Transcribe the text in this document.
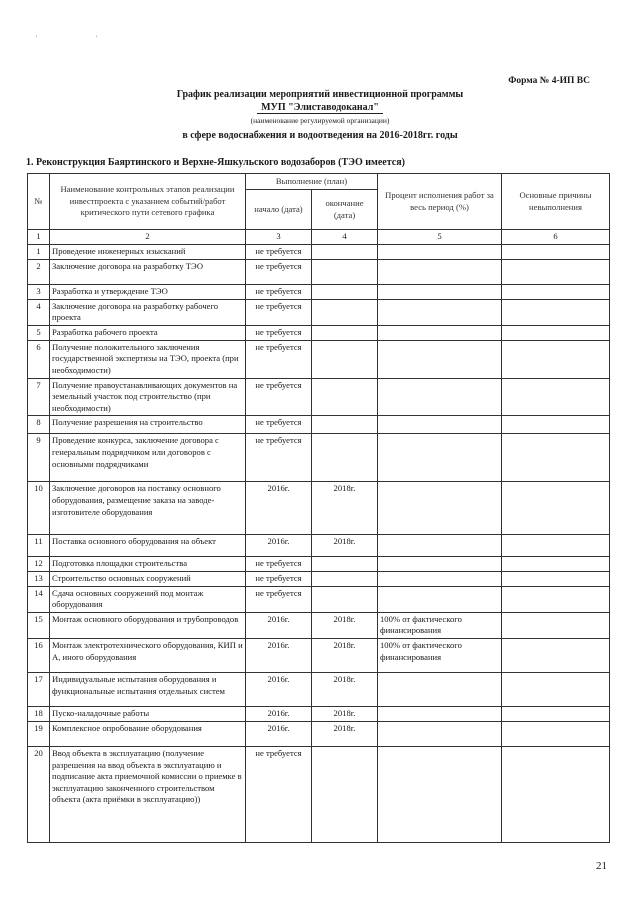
' '
Форма № 4-ИП ВС
График реализации мероприятий инвестиционной программы
МУП "Элиставодоканал"
(наименование регулируемой организации)
в сфере водоснабжения и водоотведения на 2016-2018гг. годы
1. Реконструкция Баяртинского и Верхне-Яшкульского водозаборов (ТЭО имеется)
№	Наименование контрольных этапов реализации инвестпроекта с указанием событий/работ критического пути сетевого графика	Выполнение (план)		Процент исполнения работ за весь период (%)	Основные причины невыполнения
		начало (дата)	окончание (дата)		
1	2	3	4	5	6
1	Проведение инженерных изысканий	не требуется			
2	Заключение договора на разработку ТЭО	не требуется			
3	Разработка и утверждение ТЭО	не требуется			
4	Заключение договора на разработку рабочего проекта	не требуется			
5	Разработка рабочего проекта	не требуется			
6	Получение положительного заключения государственной экспертизы на ТЭО, проекта (при необходимости)	не требуется			
7	Получение правоустанавливающих документов на земельный участок под строительство (при необходимости)	не требуется			
8	Получение разрешения на строительство	не требуется			
9	Проведение конкурса, заключение договора с генеральным подрядчиком или договоров с основными подрядчиками	не требуется			
10	Заключение договоров на поставку основного оборудования, размещение заказа на заводе-изготовителе оборудования	2016г.	2018г.		
11	Поставка основного оборудования на объект	2016г.	2018г.		
12	Подготовка площадки строительства	не требуется			
13	Строительство основных сооружений	не требуется			
14	Сдача основных сооружений под монтаж оборудования	не требуется			
15	Монтаж основного оборудования и трубопроводов	2016г.	2018г.	100% от фактического финансирования	
16	Монтаж электротехнического оборудования, КИП и А, иного оборудования	2016г.	2018г.	100% от фактического финансирования	
17	Индивидуальные испытания оборудования и функциональные испытания отдельных систем	2016г.	2018г.		
18	Пуско-наладочные работы	2016г.	2018г.		
19	Комплексное опробование оборудования	2016г.	2018г.		
20	Ввод объекта в эксплуатацию (получение разрешения на ввод объекта в эксплуатацию и подписание акта приемочной комиссии о приемке в эксплуатацию законченного строительством объекта (акта приёмки в эксплуатацию))	не требуется			
21
